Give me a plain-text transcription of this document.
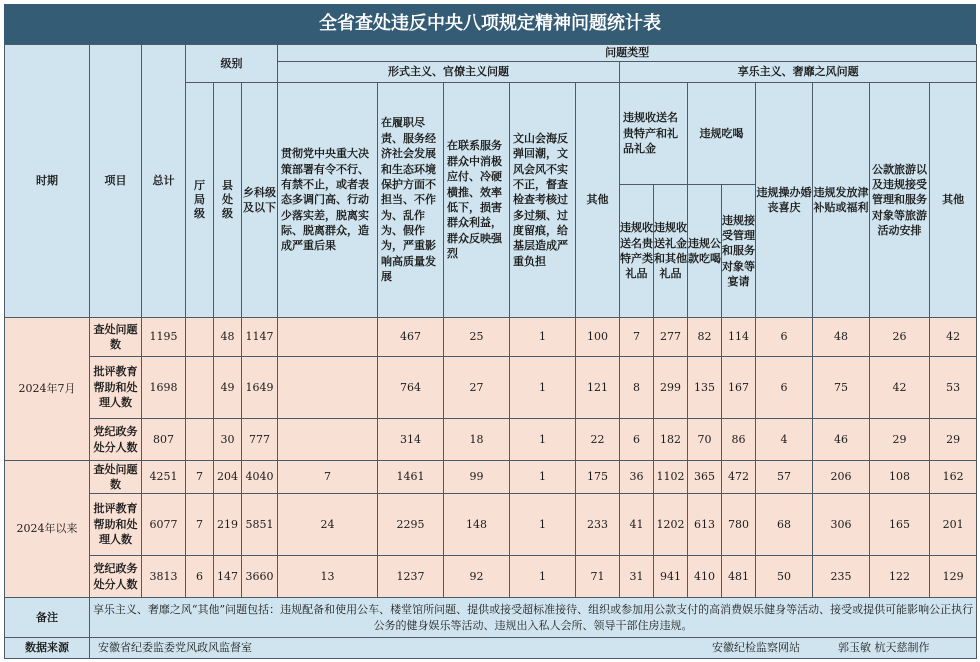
全省查处违反中央八项规定精神问题统计表
时期	项目	总计	级别			问题类型												
						形式主义、官僚主义问题					享乐主义、奢靡之风问题							
			厅局级	县处级	乡科级及以下	贯彻党中央重大决策部署有令不行、有禁不止，或者表态多调门高、行动少落实差，脱离实际、脱离群众，造成严重后果	在履职尽责、服务经济社会发展和生态环境保护方面不担当、不作为、乱作为、假作为，严重影响高质量发展	在联系服务群众中消极应付、冷硬横推、效率低下，损害群众利益，群众反映强烈	文山会海反弹回潮，文风会风不实不正，督查检查考核过多过频、过度留痕，给基层造成严重负担	其他	违规收送名贵特产和礼品礼金		违规吃喝		违规操办婚丧喜庆	违规发放津补贴或福利	公款旅游以及违规接受管理和服务对象等旅游活动安排	其他
											违规收送名贵特产类礼品	违规收送礼金和其他礼品	违规公款吃喝	违规接受管理和服务对象等宴请				
2024年7月	查处问题数	1195		48	1147		467	25	1	100	7	277	82	114	6	48	26	42
	批评教育帮助和处理人数	1698		49	1649		764	27	1	121	8	299	135	167	6	75	42	53
	党纪政务处分人数	807		30	777		314	18	1	22	6	182	70	86	4	46	29	29
2024年以来	查处问题数	4251	7	204	4040	7	1461	99	1	175	36	1102	365	472	57	206	108	162
	批评教育帮助和处理人数	6077	7	219	5851	24	2295	148	1	233	41	1202	613	780	68	306	165	201
	党纪政务处分人数	3813	6	147	3660	13	1237	92	1	71	31	941	410	481	50	235	122	129
备注	享乐主义、奢靡之风“其他”问题包括：违规配备和使用公车、楼堂馆所问题、提供或接受超标准接待、组织或参加用公款支付的高消费娱乐健身等活动、接受或提供可能影响公正执行公务的健身娱乐等活动、违规出入私人会所、领导干部住房违规。																	
数据来源	安徽省纪委监委党风政风监督室 安徽纪检监察网站 郭玉敏 杭天慈制作																	
